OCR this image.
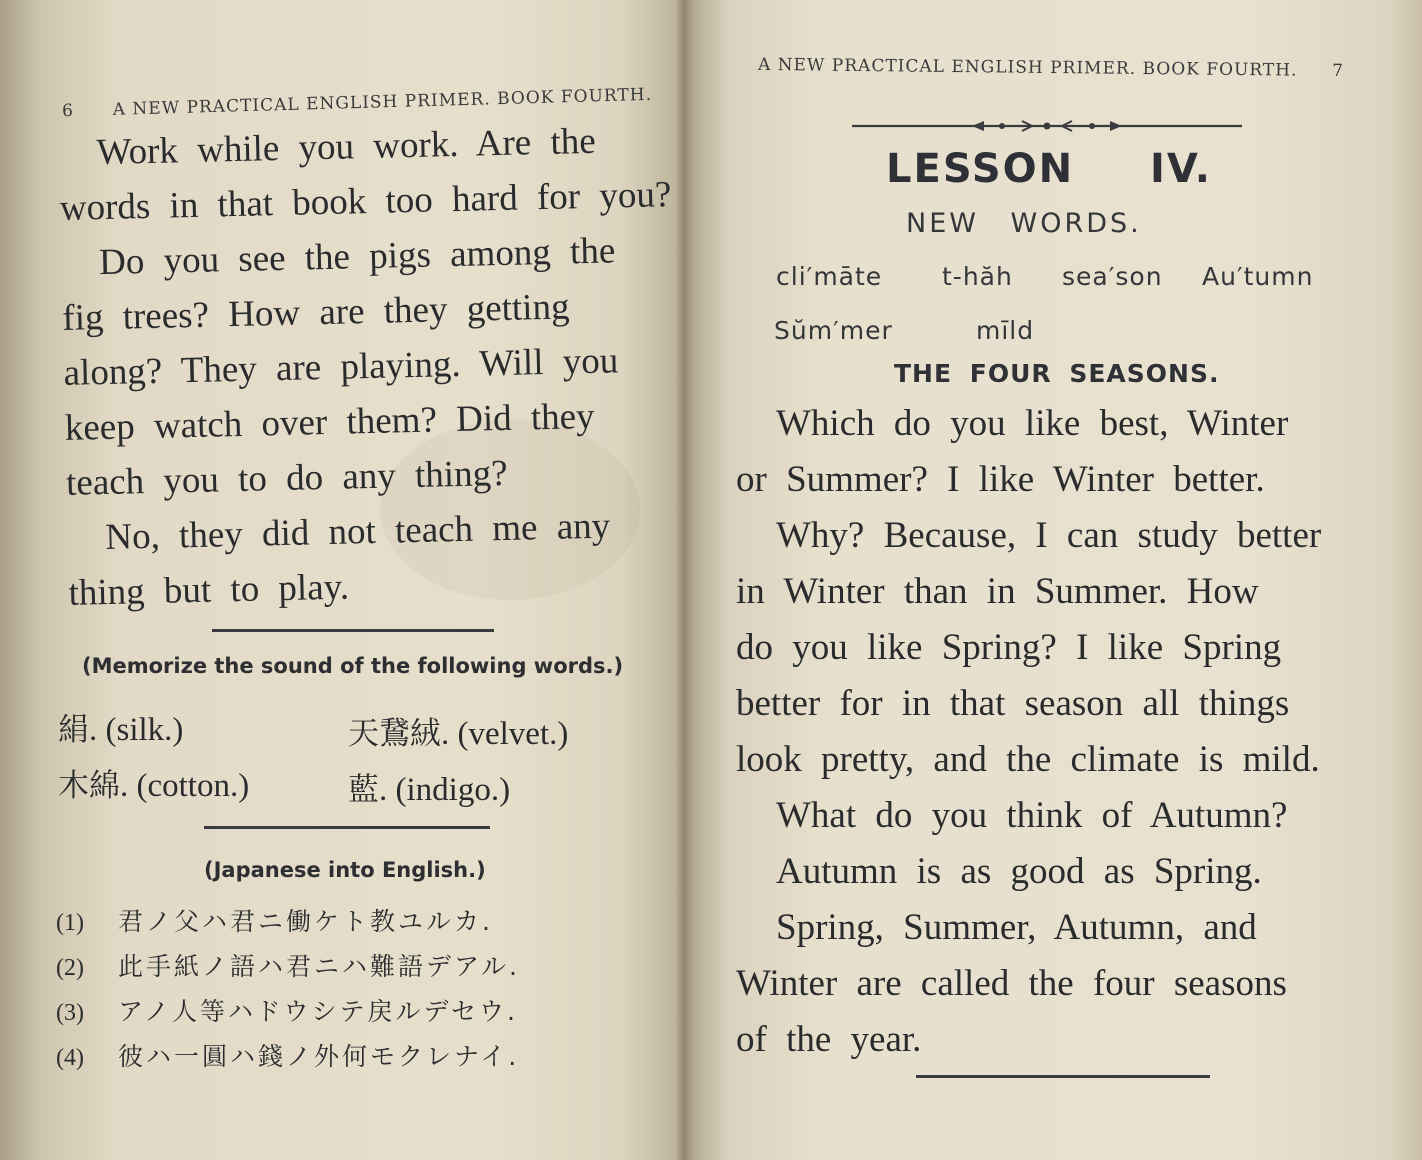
6 A NEW PRACTICAL ENGLISH PRIMER. BOOK FOURTH.

Work while you work. Are the

words in that book too hard for you?

Do you see the pigs among the

fig trees? How are they getting

along? They are playing. Will you

keep watch over them? Did they

teach you to do any thing?

No, they did not teach me any

thing but to play.

(Memorize the sound of the following words.)
絹. (silk.)	天鵞絨. (velvet.)
木綿. (cotton.)	藍. (indigo.)
(Japanese into English.)
(1) 君ノ父ハ君ニ働ケト教ユルカ.
(2) 此手紙ノ語ハ君ニハ難語デアル.
(3) アノ人等ハドウシテ戻ルデセウ.
(4) 彼ハ一圓ハ錢ノ外何モクレナイ.
A NEW PRACTICAL ENGLISH PRIMER. BOOK FOURTH. 7
LESSON IV.
NEW WORDS.
cli′māte t-hăh sea′son Au′tumn
Sŭm′mer	mīld
THE FOUR SEASONS.

Which do you like best, Winter

or Summer? I like Winter better.

Why? Because, I can study better

in Winter than in Summer. How

do you like Spring? I like Spring

better for in that season all things

look pretty, and the climate is mild.

What do you think of Autumn?

Autumn is as good as Spring.

Spring, Summer, Autumn, and

Winter are called the four seasons

of the year.
